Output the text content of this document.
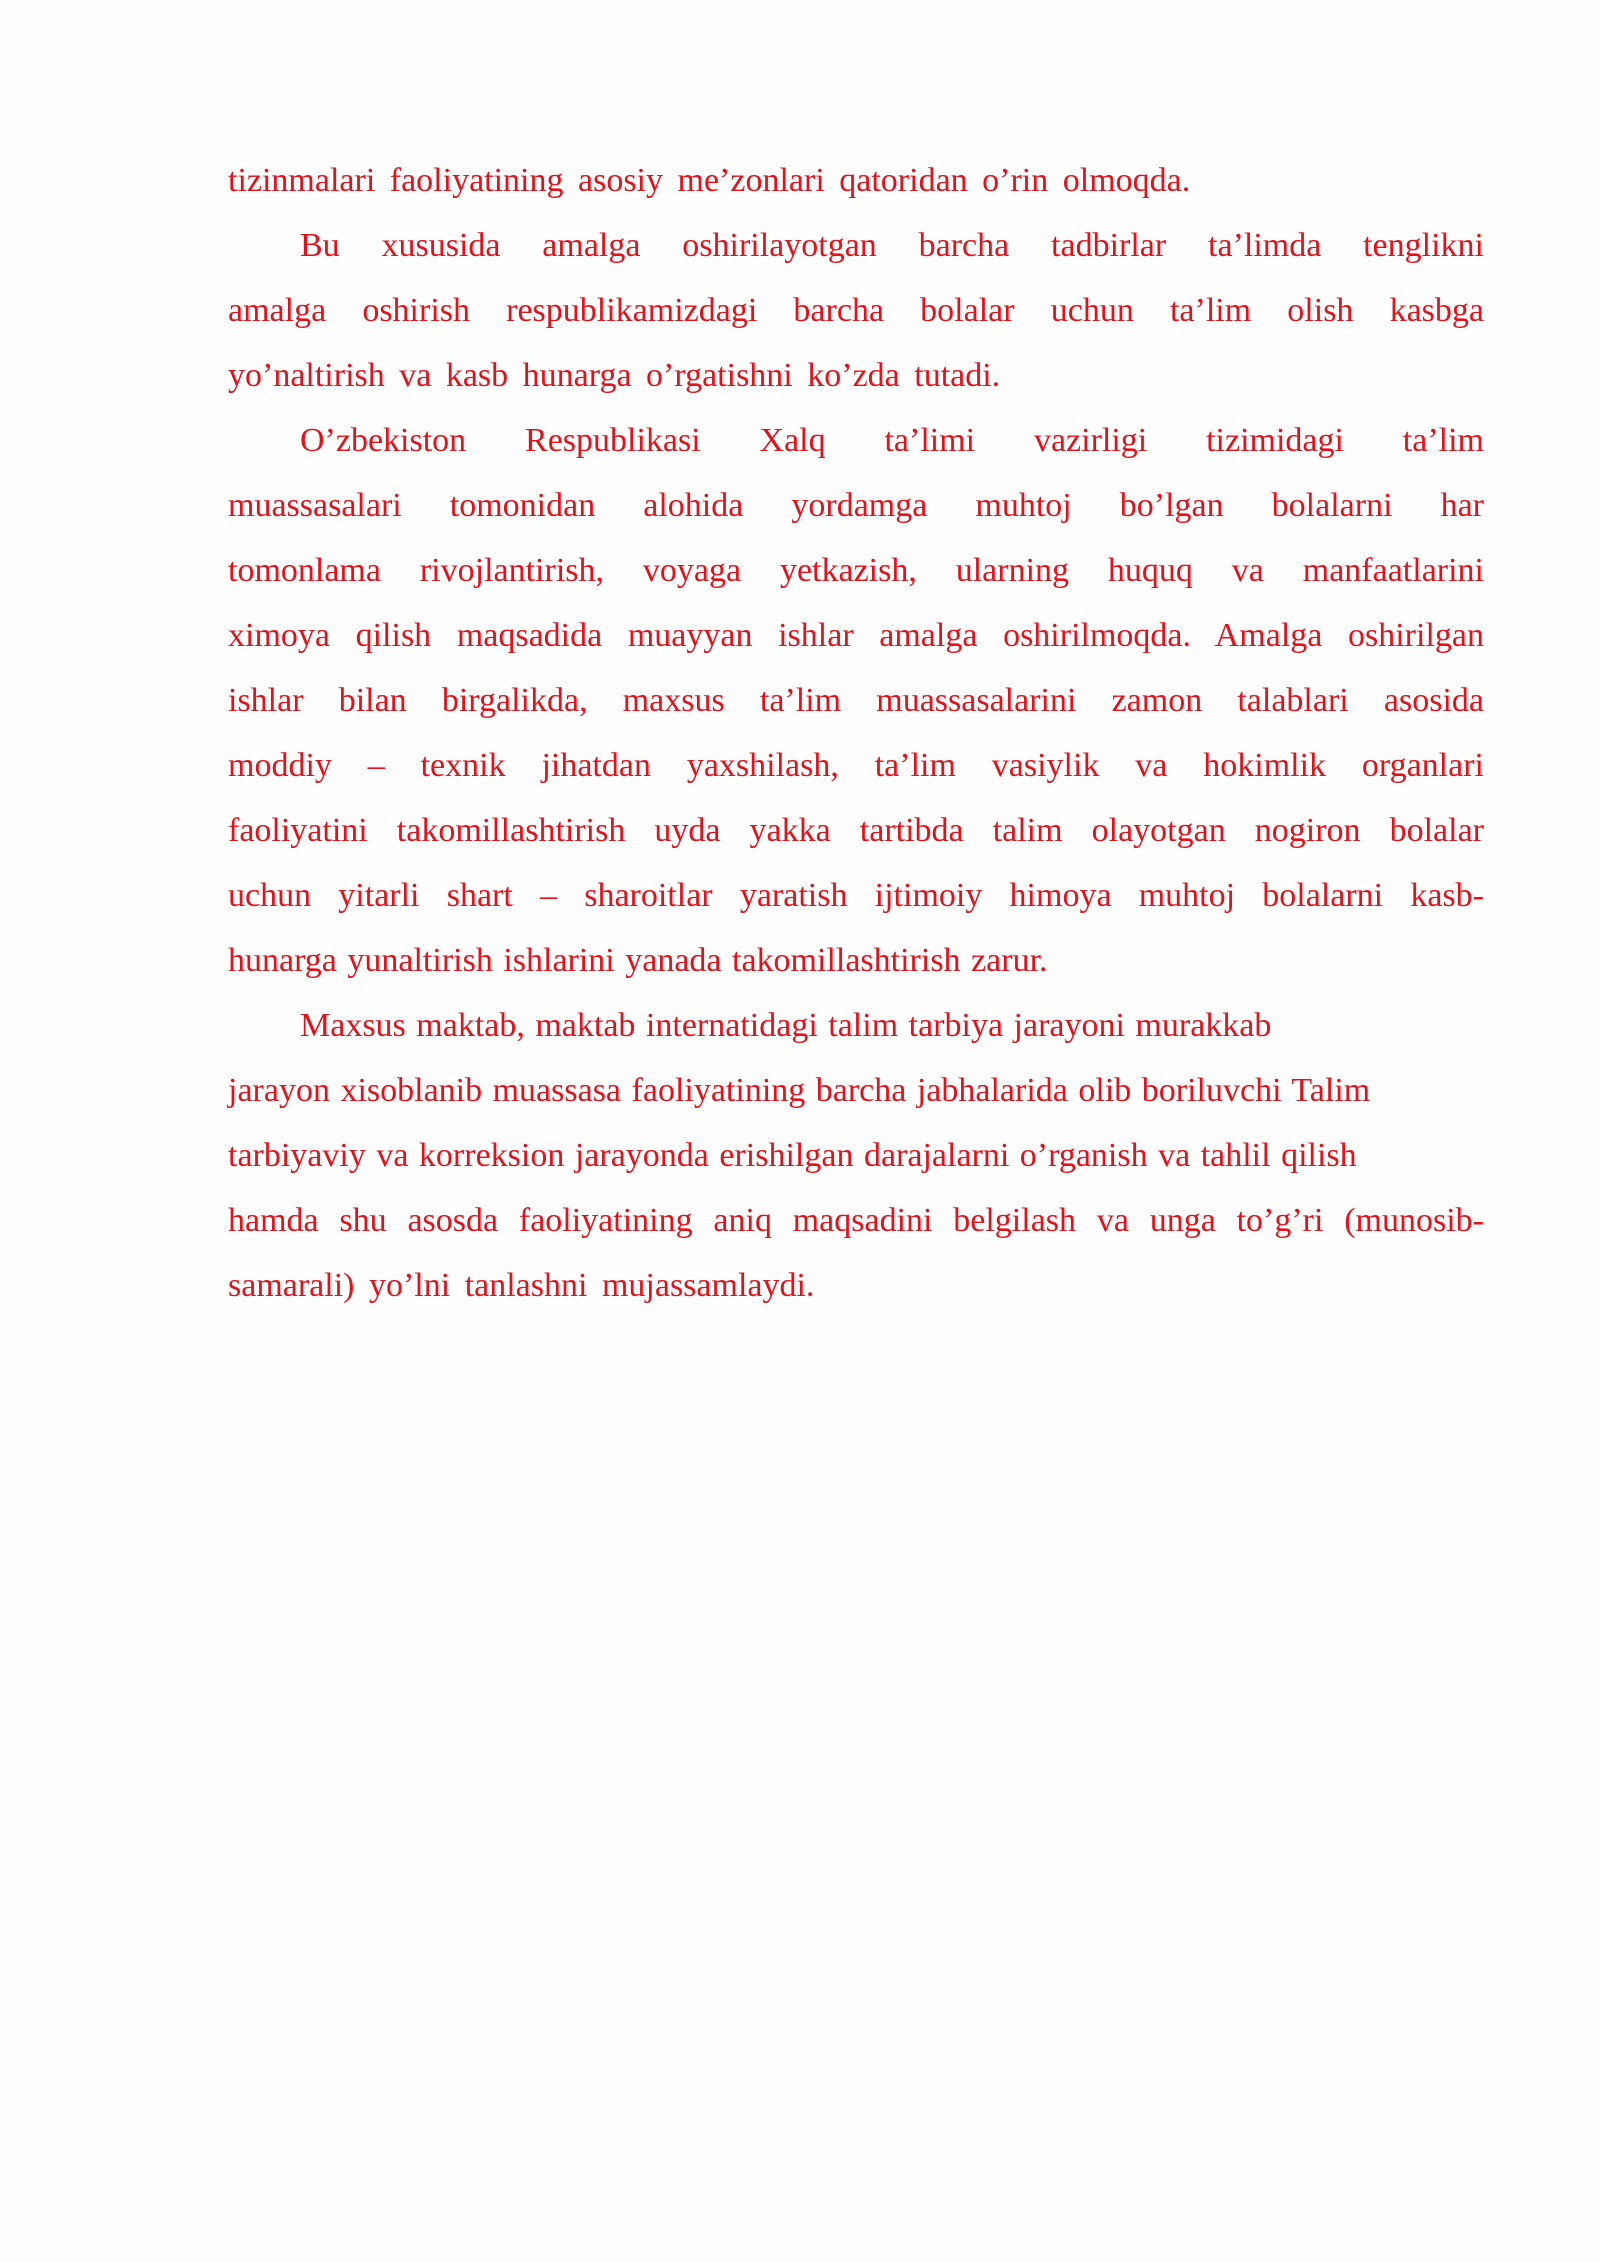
tizinmalari faoliyatining asosiy me’zonlari qatoridan o’rin olmoqda.
Bu xususida amalga oshirilayotgan barcha tadbirlar ta’limda tenglikni
amalga oshirish respublikamizdagi barcha bolalar uchun ta’lim olish kasbga
yo’naltirish va kasb hunarga o’rgatishni ko’zda tutadi.
O’zbekiston Respublikasi Xalq ta’limi vazirligi tizimidagi ta’lim
muassasalari tomonidan alohida yordamga muhtoj bo’lgan bolalarni har
tomonlama rivojlantirish, voyaga yetkazish, ularning huquq va manfaatlarini
ximoya qilish maqsadida muayyan ishlar amalga oshirilmoqda. Amalga oshirilgan
ishlar bilan birgalikda, maxsus ta’lim muassasalarini zamon talablari asosida
moddiy – texnik jihatdan yaxshilash, ta’lim vasiylik va hokimlik organlari
faoliyatini takomillashtirish uyda yakka tartibda talim olayotgan nogiron bolalar
uchun yitarli shart – sharoitlar yaratish ijtimoiy himoya muhtoj bolalarni kasb-
hunarga yunaltirish ishlarini yanada takomillashtirish zarur.
Maxsus maktab, maktab internatidagi talim tarbiya jarayoni murakkab
jarayon xisoblanib muassasa faoliyatining barcha jabhalarida olib boriluvchi Talim
tarbiyaviy va korreksion jarayonda erishilgan darajalarni o’rganish va tahlil qilish
hamda shu asosda faoliyatining aniq maqsadini belgilash va unga to’g’ri (munosib-
samarali) yo’lni tanlashni mujassamlaydi.
